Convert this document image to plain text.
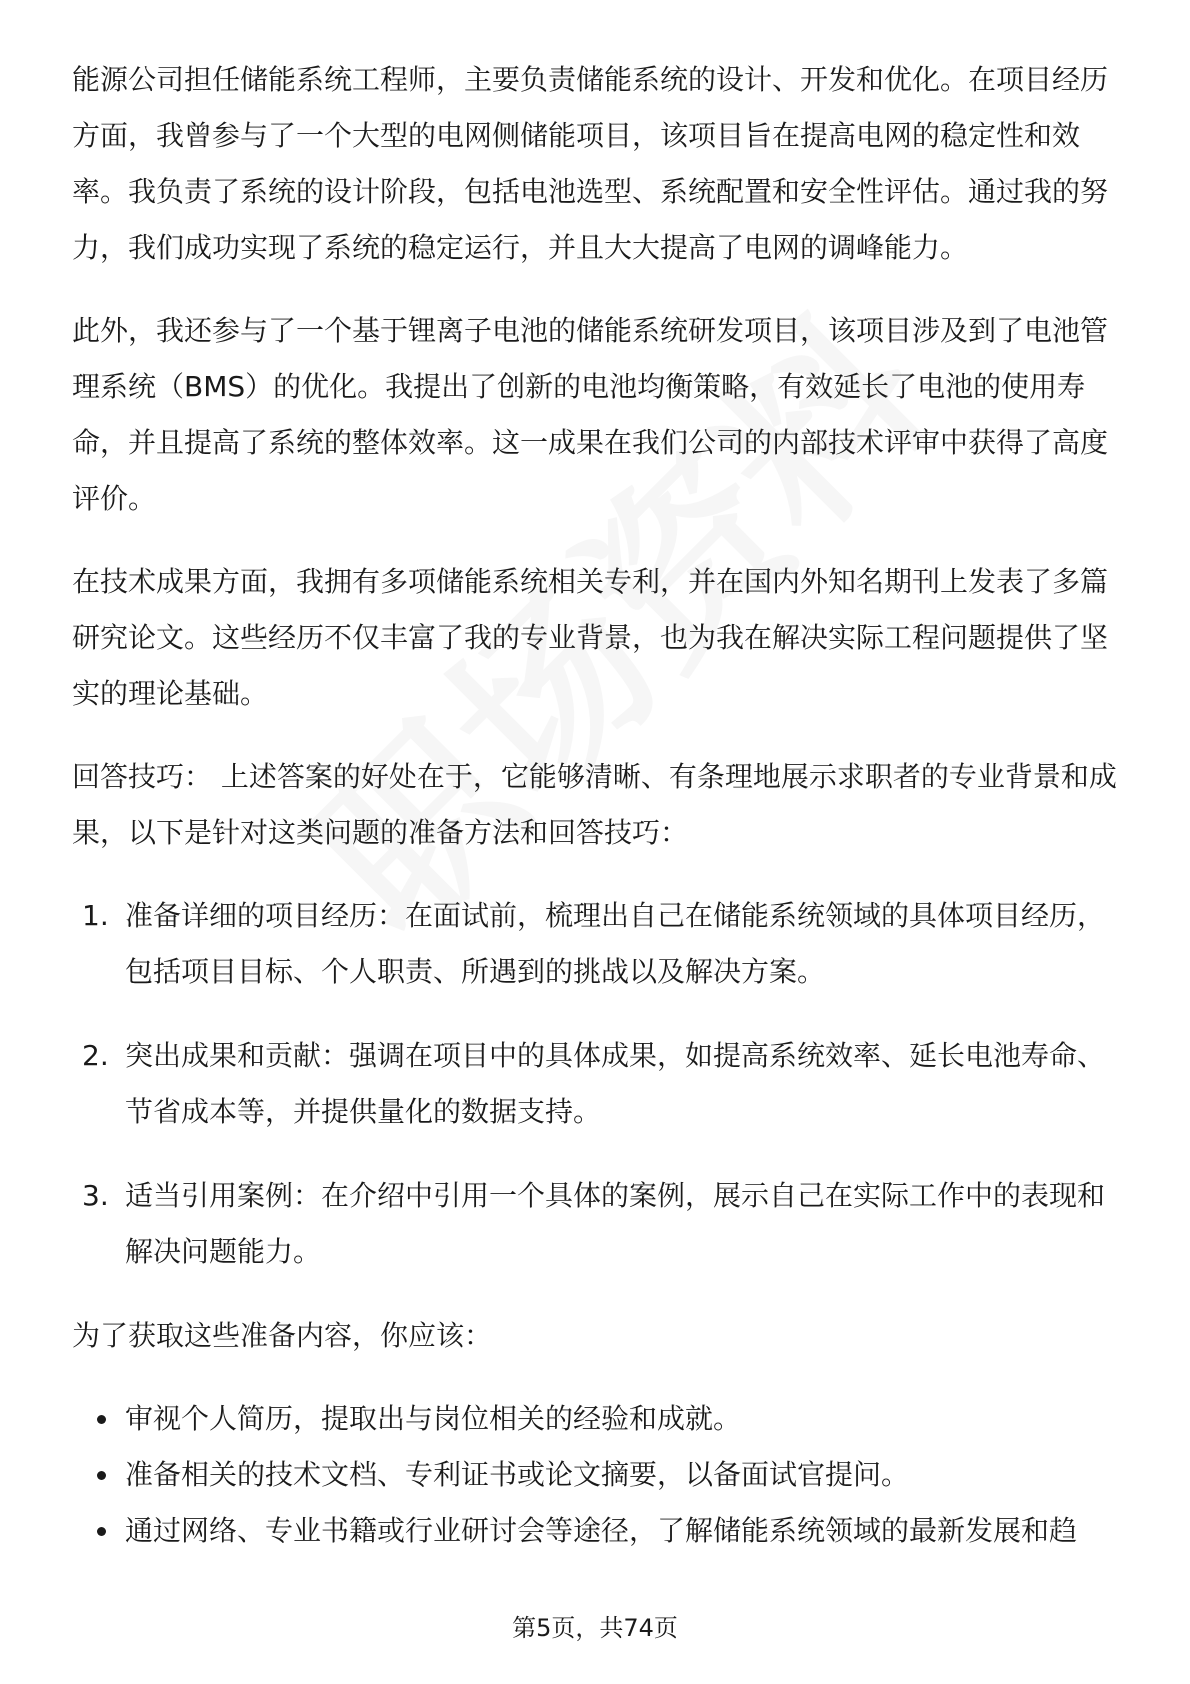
能源公司担任储能系统工程师，主要负责储能系统的设计、开发和优化。在项目经历方面，我曾参与了一个大型的电网侧储能项目，该项目旨在提高电网的稳定性和效率。我负责了系统的设计阶段，包括电池选型、系统配置和安全性评估。通过我的努力，我们成功实现了系统的稳定运行，并且大大提高了电网的调峰能力。

此外，我还参与了一个基于锂离子电池的储能系统研发项目，该项目涉及到了电池管理系统（BMS）的优化。我提出了创新的电池均衡策略，有效延长了电池的使用寿命，并且提高了系统的整体效率。这一成果在我们公司的内部技术评审中获得了高度评价。

在技术成果方面，我拥有多项储能系统相关专利，并在国内外知名期刊上发表了多篇研究论文。这些经历不仅丰富了我的专业背景，也为我在解决实际工程问题提供了坚实的理论基础。

回答技巧： 上述答案的好处在于，它能够清晰、有条理地展示求职者的专业背景和成果，以下是针对这类问题的准备方法和回答技巧：

1. 准备详细的项目经历：在面试前，梳理出自己在储能系统领域的具体项目经历，包括项目目标、个人职责、所遇到的挑战以及解决方案。
2. 突出成果和贡献：强调在项目中的具体成果，如提高系统效率、延长电池寿命、节省成本等，并提供量化的数据支持。
3. 适当引用案例：在介绍中引用一个具体的案例，展示自己在实际工作中的表现和解决问题能力。

为了获取这些准备内容，你应该：

审视个人简历，提取出与岗位相关的经验和成就。
准备相关的技术文档、专利证书或论文摘要，以备面试官提问。
通过网络、专业书籍或行业研讨会等途径，了解储能系统领域的最新发展和趋
第5页，共74页
